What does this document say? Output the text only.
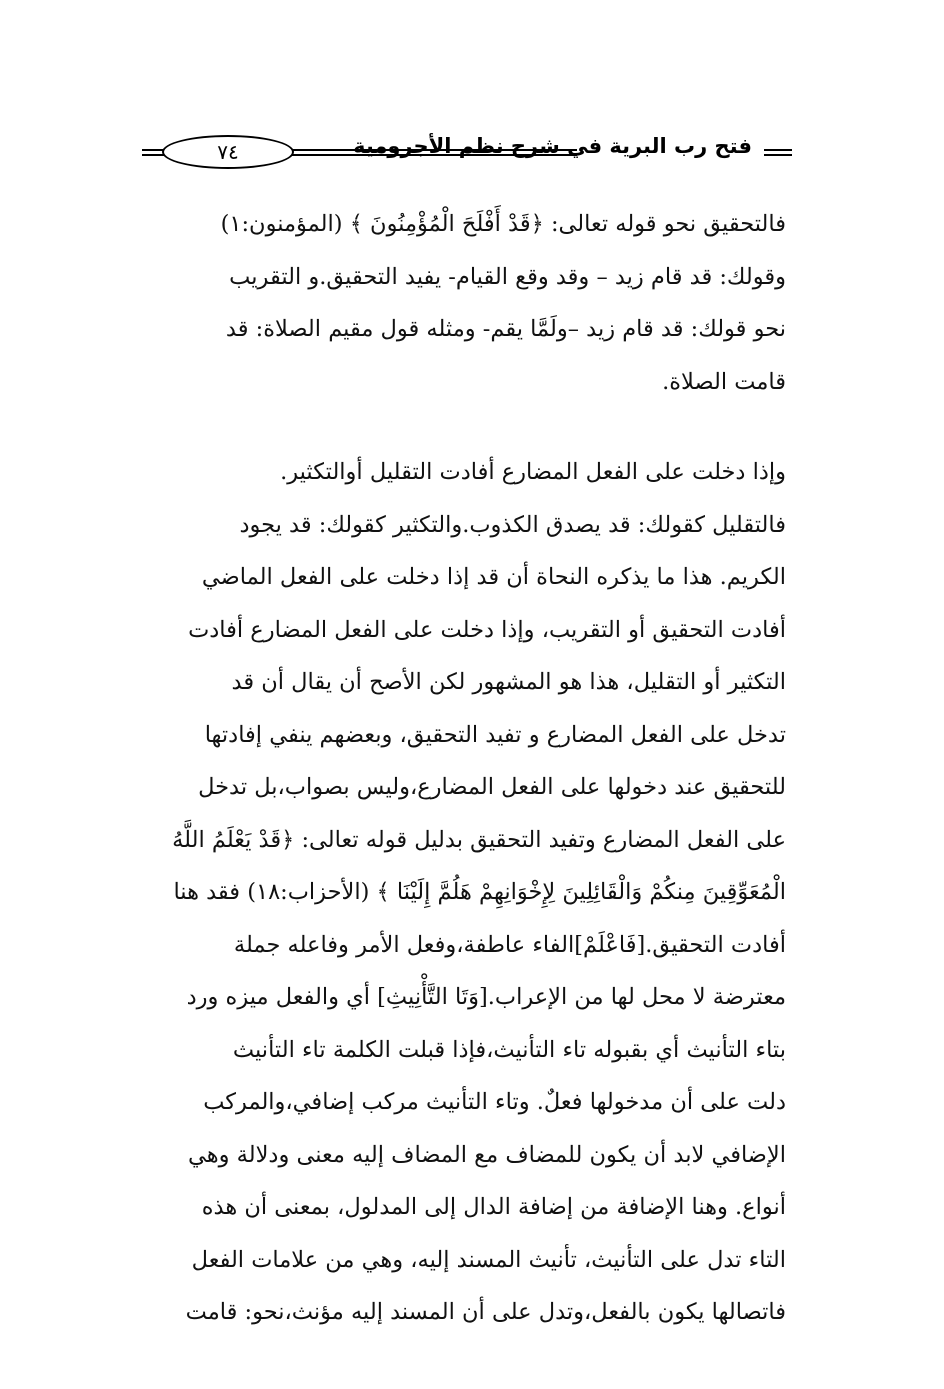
فتح رب البرية في شرح نظم الأجرومية
٧٤

فالتحقيق نحو قوله تعالى: ﴿قَدْ أَفْلَحَ الْمُؤْمِنُونَ ﴾ (المؤمنون:١)
وقولك: قد قام زيد – وقد وقع القيام- يفيد التحقيق.و التقريب
نحو قولك: قد قام زيد –ولَمَّا يقم- ومثله قول مقيم الصلاة: قد
قامت الصلاة.

وإذا دخلت على الفعل المضارع أفادت التقليل أوالتكثير.
فالتقليل كقولك: قد يصدق الكذوب.والتكثير كقولك: قد يجود
الكريم. هذا ما يذكره النحاة أن قد إذا دخلت على الفعل الماضي
أفادت التحقيق أو التقريب، وإذا دخلت على الفعل المضارع أفادت
التكثير أو التقليل، هذا هو المشهور لكن الأصح أن يقال أن قد
تدخل على الفعل المضارع و تفيد التحقيق، وبعضهم ينفي إفادتها
للتحقيق عند دخولها على الفعل المضارع،وليس بصواب،بل تدخل
على الفعل المضارع وتفيد التحقيق بدليل قوله تعالى: ﴿قَدْ يَعْلَمُ اللَّهُ
الْمُعَوِّقِينَ مِنكُمْ وَالْقَائِلِينَ لِإِخْوَانِهِمْ هَلُمَّ إِلَيْنَا ﴾ (الأحزاب:١٨) فقد هنا
أفادت التحقيق.[فَاعْلَمْ]الفاء عاطفة،وفعل الأمر وفاعله جملة
معترضة لا محل لها من الإعراب.[وَتَا التَّأْنِيثِ] أي والفعل ميزه ورد
بتاء التأنيث أي بقبوله تاء التأنيث،فإذا قبلت الكلمة تاء التأنيث
دلت على أن مدخولها فعلٌ. وتاء التأنيث مركب إضافي،والمركب
الإضافي لابد أن يكون للمضاف مع المضاف إليه معنى ودلالة وهي
أنواع. وهنا الإضافة من إضافة الدال إلى المدلول، بمعنى أن هذه
التاء تدل على التأنيث، تأنيث المسند إليه، وهي من علامات الفعل
فاتصالها يكون بالفعل،وتدل على أن المسند إليه مؤنث،نحو: قامت
